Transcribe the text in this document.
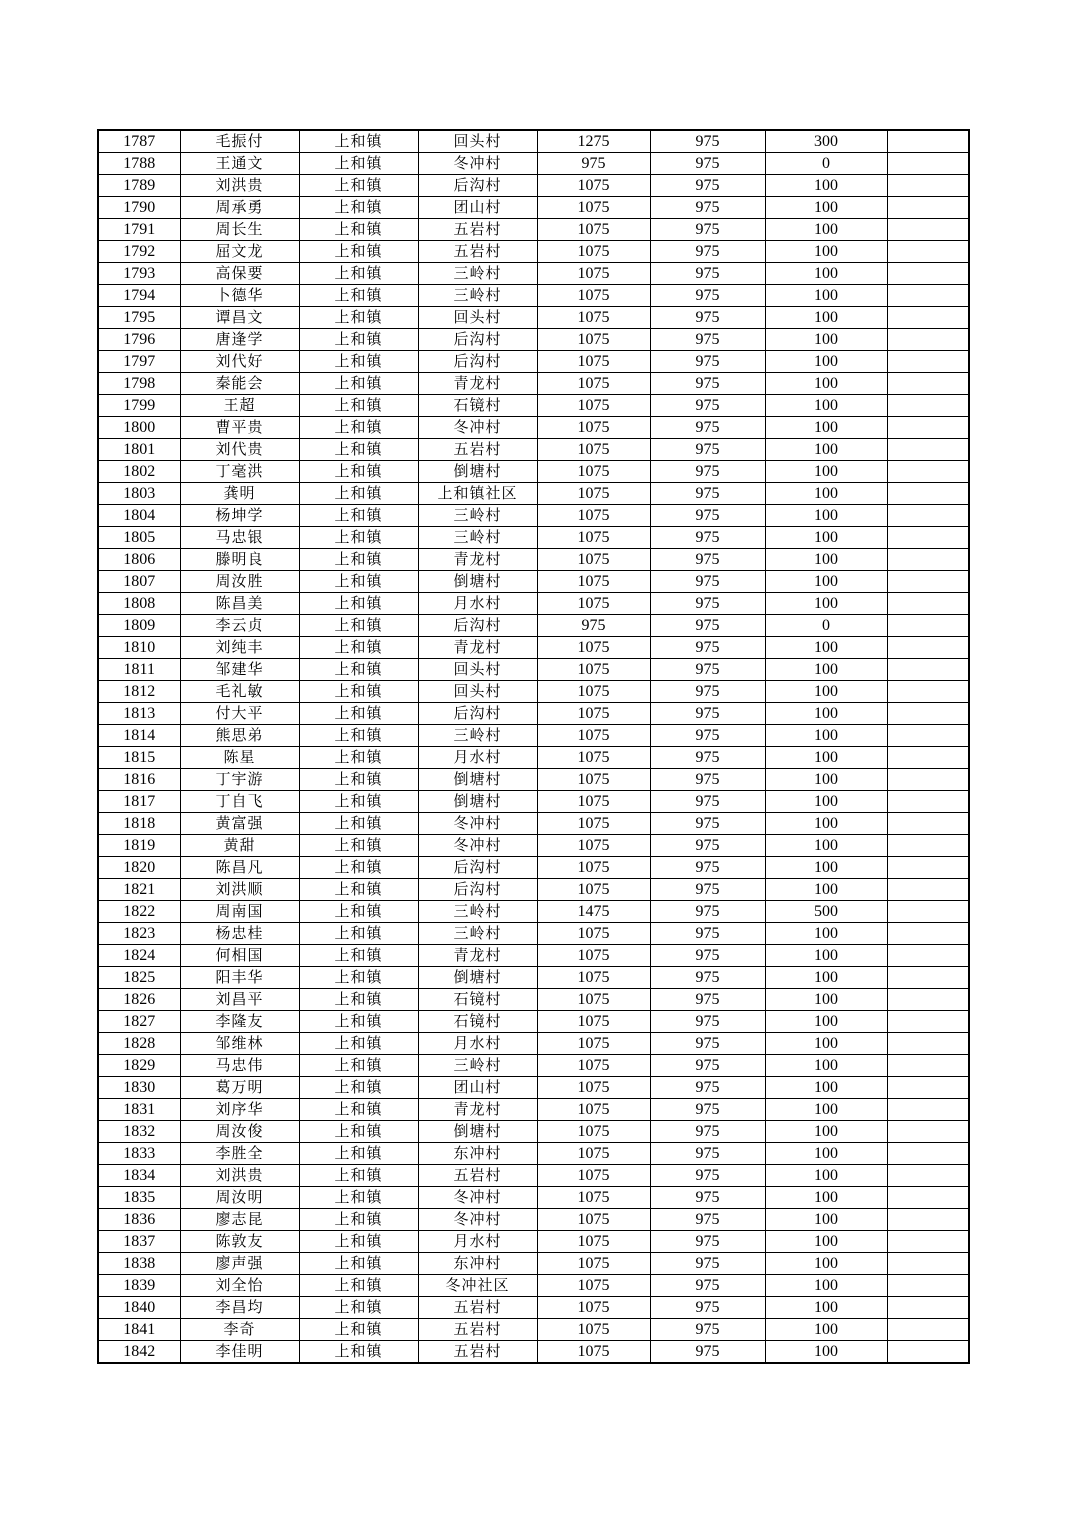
1787	毛振付	上和镇	回头村	1275	975	300	
1788	王通文	上和镇	冬冲村	975	975	0	
1789	刘洪贵	上和镇	后沟村	1075	975	100	
1790	周承勇	上和镇	团山村	1075	975	100	
1791	周长生	上和镇	五岩村	1075	975	100	
1792	屈文龙	上和镇	五岩村	1075	975	100	
1793	高保要	上和镇	三岭村	1075	975	100	
1794	卜德华	上和镇	三岭村	1075	975	100	
1795	谭昌文	上和镇	回头村	1075	975	100	
1796	唐逢学	上和镇	后沟村	1075	975	100	
1797	刘代好	上和镇	后沟村	1075	975	100	
1798	秦能会	上和镇	青龙村	1075	975	100	
1799	王超	上和镇	石镜村	1075	975	100	
1800	曹平贵	上和镇	冬冲村	1075	975	100	
1801	刘代贵	上和镇	五岩村	1075	975	100	
1802	丁毫洪	上和镇	倒塘村	1075	975	100	
1803	龚明	上和镇	上和镇社区	1075	975	100	
1804	杨坤学	上和镇	三岭村	1075	975	100	
1805	马忠银	上和镇	三岭村	1075	975	100	
1806	滕明良	上和镇	青龙村	1075	975	100	
1807	周汝胜	上和镇	倒塘村	1075	975	100	
1808	陈昌美	上和镇	月水村	1075	975	100	
1809	李云贞	上和镇	后沟村	975	975	0	
1810	刘纯丰	上和镇	青龙村	1075	975	100	
1811	邹建华	上和镇	回头村	1075	975	100	
1812	毛礼敏	上和镇	回头村	1075	975	100	
1813	付大平	上和镇	后沟村	1075	975	100	
1814	熊思弟	上和镇	三岭村	1075	975	100	
1815	陈星	上和镇	月水村	1075	975	100	
1816	丁宇游	上和镇	倒塘村	1075	975	100	
1817	丁自飞	上和镇	倒塘村	1075	975	100	
1818	黄富强	上和镇	冬冲村	1075	975	100	
1819	黄甜	上和镇	冬冲村	1075	975	100	
1820	陈昌凡	上和镇	后沟村	1075	975	100	
1821	刘洪顺	上和镇	后沟村	1075	975	100	
1822	周南国	上和镇	三岭村	1475	975	500	
1823	杨忠桂	上和镇	三岭村	1075	975	100	
1824	何相国	上和镇	青龙村	1075	975	100	
1825	阳丰华	上和镇	倒塘村	1075	975	100	
1826	刘昌平	上和镇	石镜村	1075	975	100	
1827	李隆友	上和镇	石镜村	1075	975	100	
1828	邹维林	上和镇	月水村	1075	975	100	
1829	马忠伟	上和镇	三岭村	1075	975	100	
1830	葛万明	上和镇	团山村	1075	975	100	
1831	刘序华	上和镇	青龙村	1075	975	100	
1832	周汝俊	上和镇	倒塘村	1075	975	100	
1833	李胜全	上和镇	东冲村	1075	975	100	
1834	刘洪贵	上和镇	五岩村	1075	975	100	
1835	周汝明	上和镇	冬冲村	1075	975	100	
1836	廖志昆	上和镇	冬冲村	1075	975	100	
1837	陈敦友	上和镇	月水村	1075	975	100	
1838	廖声强	上和镇	东冲村	1075	975	100	
1839	刘全怡	上和镇	冬冲社区	1075	975	100	
1840	李昌均	上和镇	五岩村	1075	975	100	
1841	李奇	上和镇	五岩村	1075	975	100	
1842	李佳明	上和镇	五岩村	1075	975	100	
